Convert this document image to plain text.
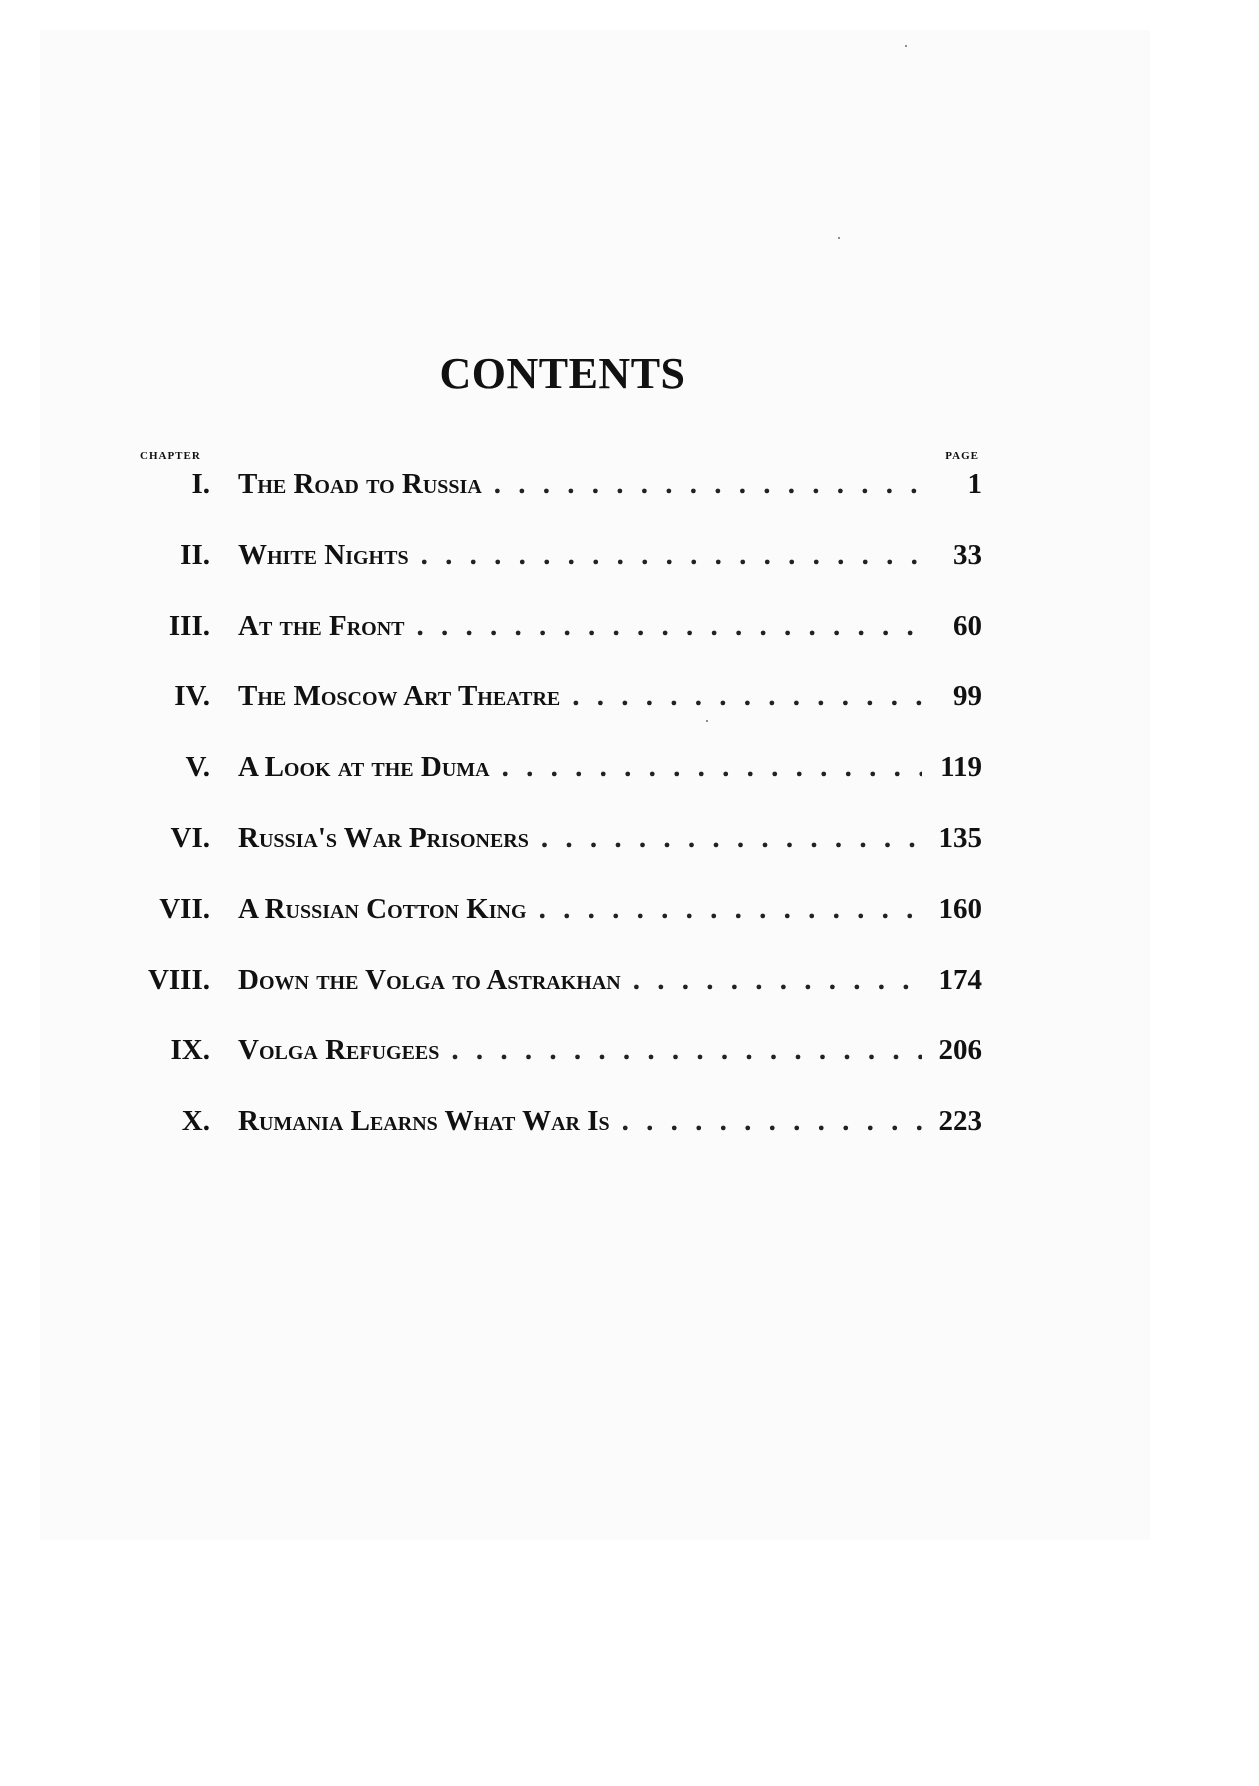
CONTENTS
CHAPTER	PAGE
I. The Road to Russia . . .	1
II. White Nights . . .	33
III. At the Front . . .	60
IV. The Moscow Art Theatre . . .	99
V. A Look at the Duma . . .	119
VI. Russia's War Prisoners . . .	135
VII. A Russian Cotton King . . .	160
VIII. Down the Volga to Astrakhan . . .	174
IX. Volga Refugees . . .	206
X. Rumania Learns What War Is . . .	223
